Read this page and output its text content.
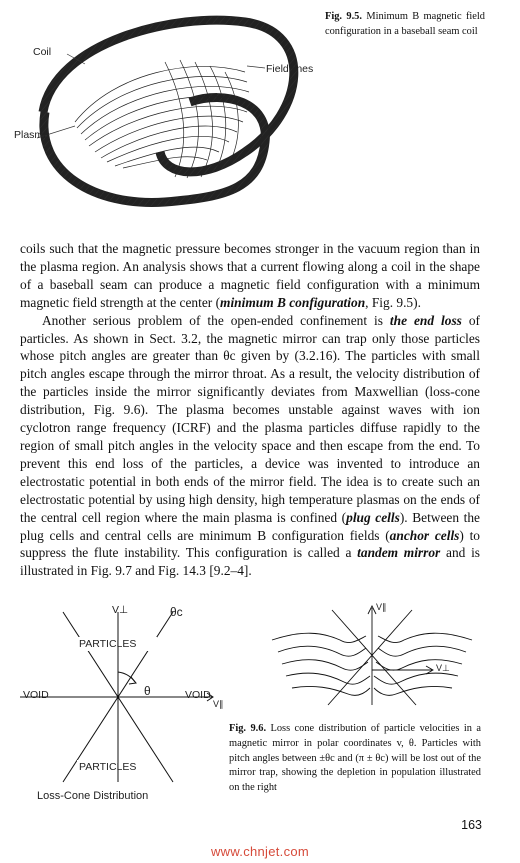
Coil
Field lines
Plasma
Fig. 9.5. Minimum B magnetic field configuration in a baseball seam coil

coils such that the magnetic pressure becomes stronger in the vacuum region than in the plasma region. An analysis shows that a current flowing along a coil in the shape of a baseball seam can produce a magnetic field configuration with a minimum magnetic field strength at the center (minimum B configuration, Fig. 9.5).

Another serious problem of the open-ended confinement is the end loss of particles. As shown in Sect. 3.2, the magnetic mirror can trap only those particles whose pitch angles are greater than θc given by (3.2.16). The particles with small pitch angles escape through the mirror throat. As a result, the velocity distribution of the particles inside the mirror significantly deviates from Maxwellian (loss-cone distribution, Fig. 9.6). The plasma becomes unstable against waves with ion cyclotron range frequency (ICRF) and the plasma particles diffuse rapidly to the region of small pitch angles in the velocity space and then escape from the end. To prevent this end loss of the particles, a device was invented to introduce an electrostatic potential in both ends of the mirror field. The idea is to create such an electrostatic potential by using high density, high temperature plasmas on the ends of the central cell region where the main plasma is confined (plug cells). Between the plug cells and central cells are minimum B configuration fields (anchor cells) to suppress the flute instability. This configuration is called a tandem mirror and is illustrated in Fig. 9.7 and Fig. 14.3 [9.2–4].

V⊥	θc
PARTICLES
PARTICLES
VOID	VOID
θ
V∥
Loss-Cone Distribution
V∥
V⊥
Fig. 9.6. Loss cone distribution of particle velocities in a magnetic mirror in polar coordinates v, θ. Particles with pitch angles between ±θc and (π ± θc) will be lost out of the mirror trap, showing the depletion in population illustrated on the right
163
www.chnjet.com
